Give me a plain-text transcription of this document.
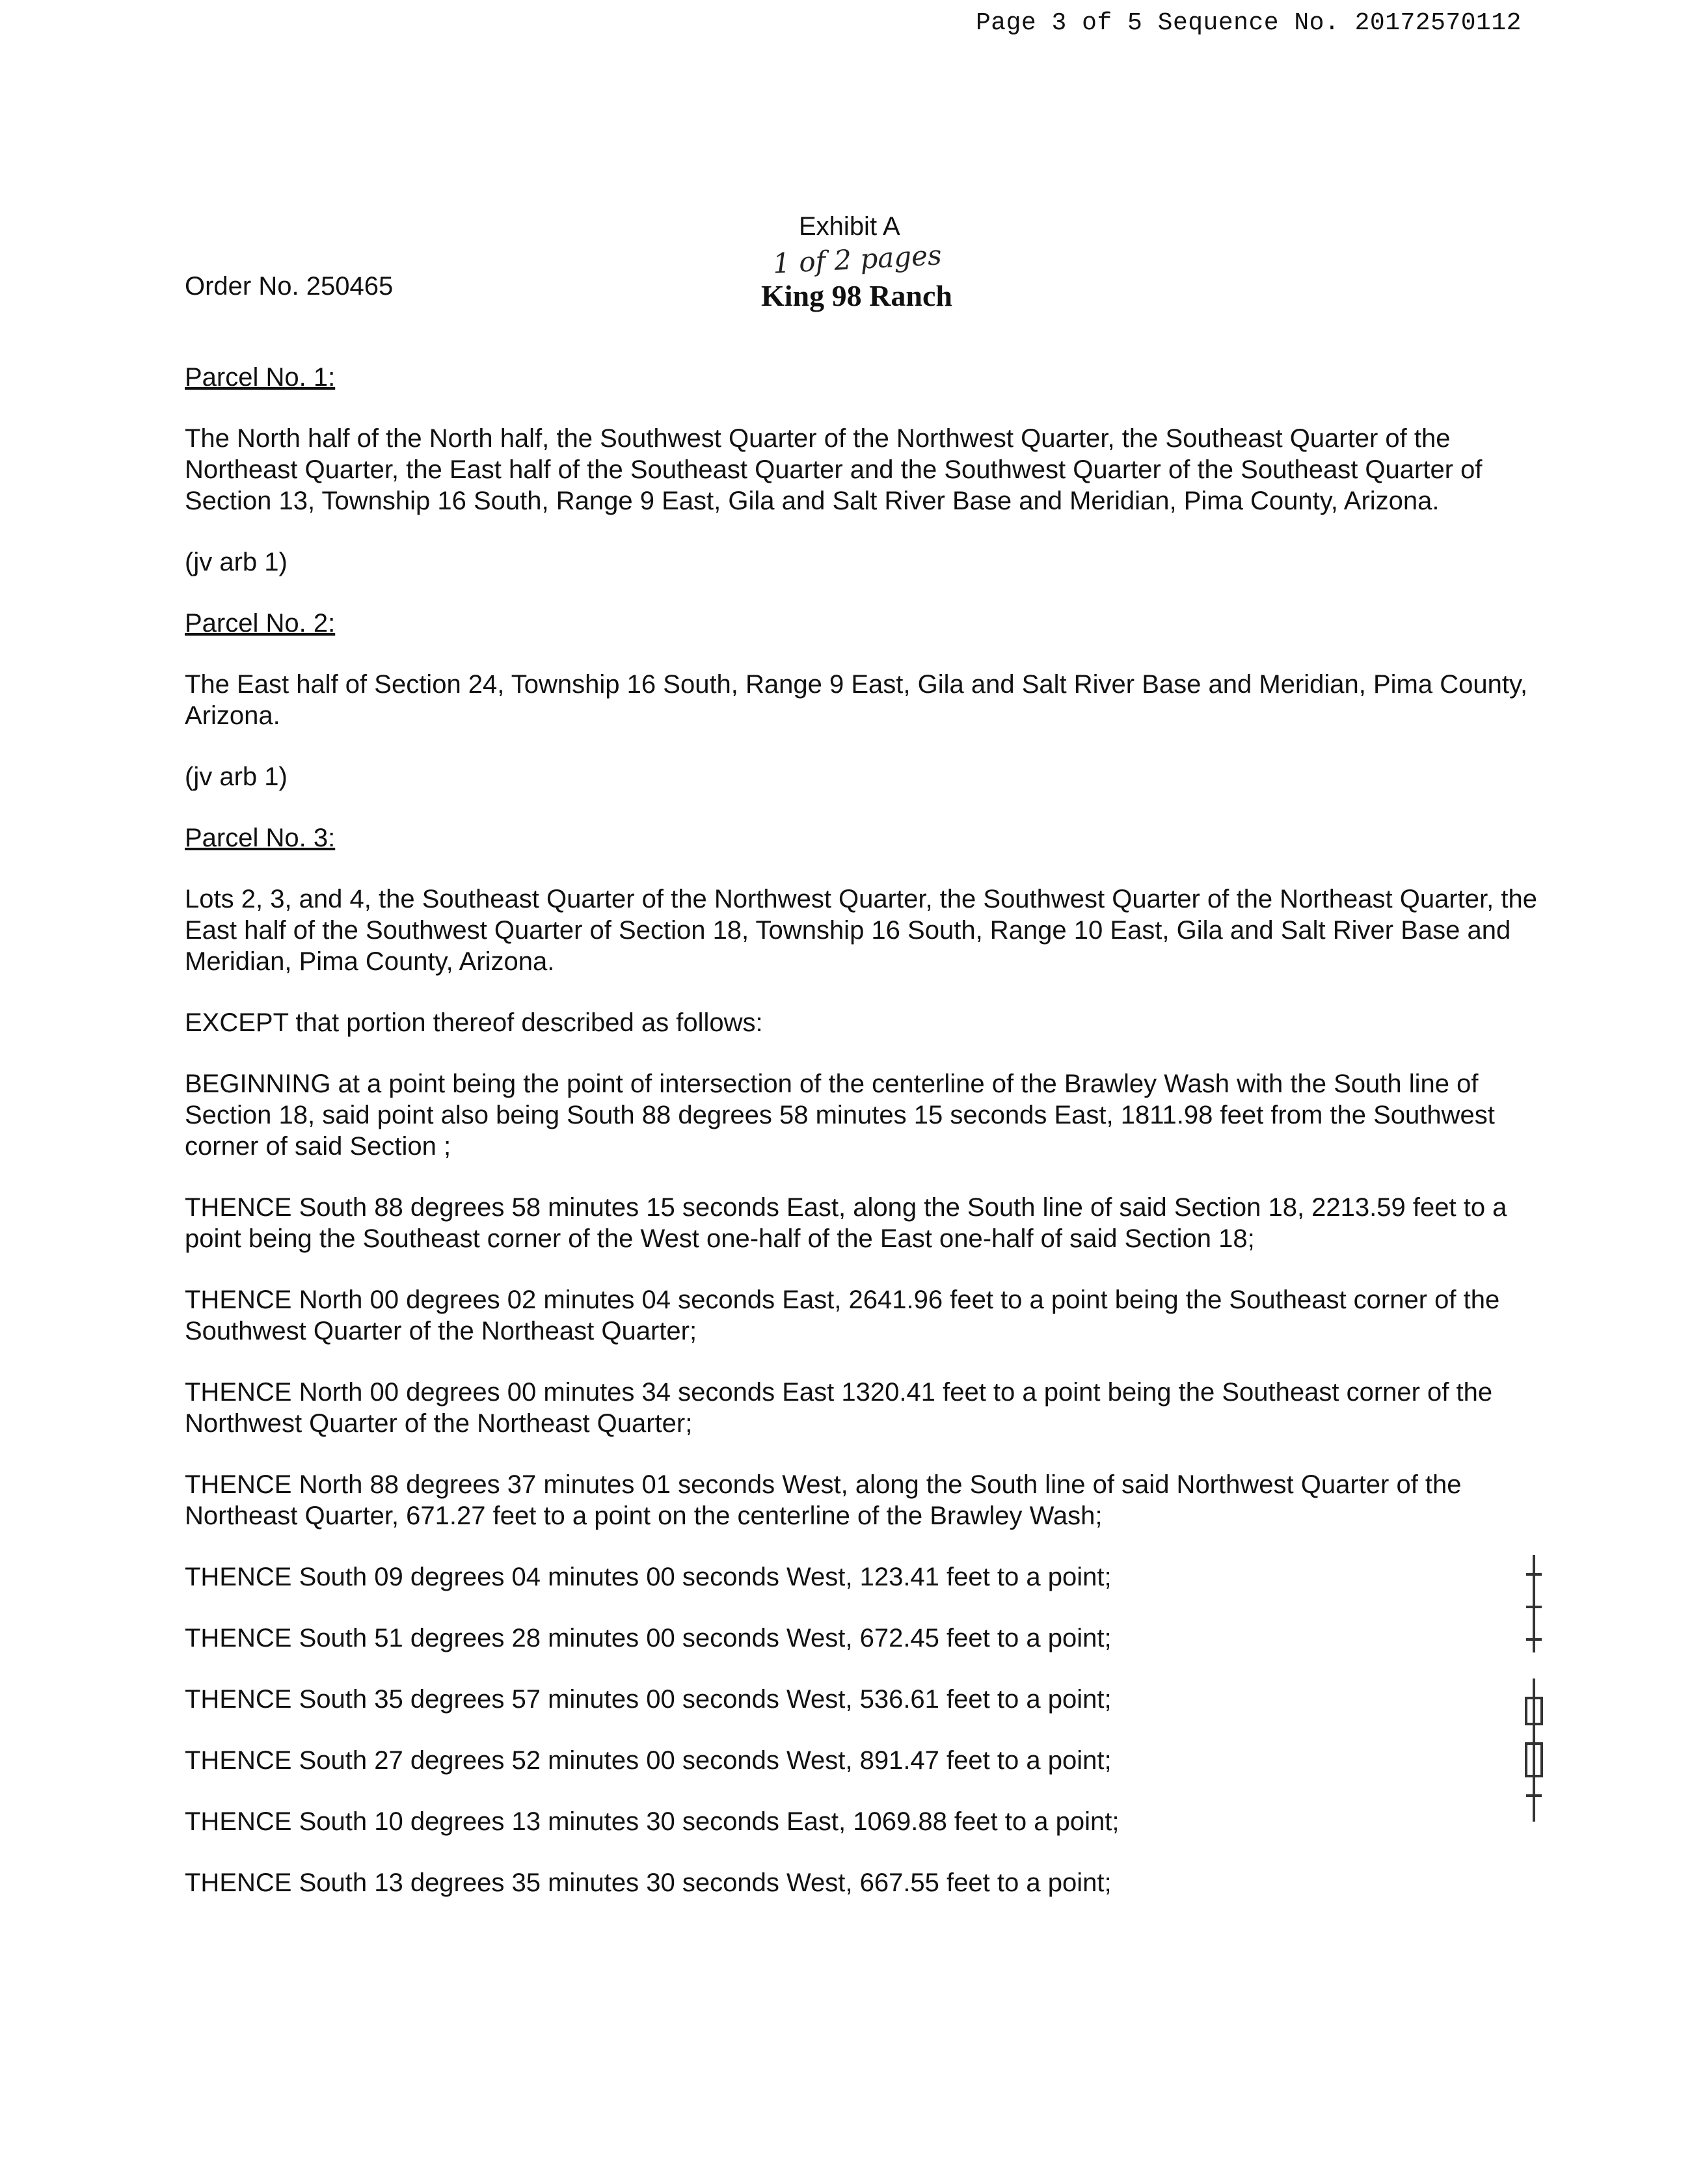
Page 3 of 5 Sequence No. 20172570112
Exhibit A
1 of 2 pages
King 98 Ranch
Order No. 250465

Parcel No. 1:

The North half of the North half, the Southwest Quarter of the Northwest Quarter, the Southeast Quarter of the Northeast Quarter, the East half of the Southeast Quarter and the Southwest Quarter of the Southeast Quarter of Section 13, Township 16 South, Range 9 East, Gila and Salt River Base and Meridian, Pima County, Arizona.

(jv arb 1)

Parcel No. 2:

The East half of Section 24, Township 16 South, Range 9 East, Gila and Salt River Base and Meridian, Pima County, Arizona.

(jv arb 1)

Parcel No. 3:

Lots 2, 3, and 4, the Southeast Quarter of the Northwest Quarter, the Southwest Quarter of the Northeast Quarter, the East half of the Southwest Quarter of Section 18, Township 16 South, Range 10 East, Gila and Salt River Base and Meridian, Pima County, Arizona.

EXCEPT that portion thereof described as follows:

BEGINNING at a point being the point of intersection of the centerline of the Brawley Wash with the South line of Section 18, said point also being South 88 degrees 58 minutes 15 seconds East, 1811.98 feet from the Southwest corner of said Section ;

THENCE South 88 degrees 58 minutes 15 seconds East, along the South line of said Section 18, 2213.59 feet to a point being the Southeast corner of the West one-half of the East one-half of said Section 18;

THENCE North 00 degrees 02 minutes 04 seconds East, 2641.96 feet to a point being the Southeast corner of the Southwest Quarter of the Northeast Quarter;

THENCE North 00 degrees 00 minutes 34 seconds East 1320.41 feet to a point being the Southeast corner of the Northwest Quarter of the Northeast Quarter;

THENCE North 88 degrees 37 minutes 01 seconds West, along the South line of said Northwest Quarter of the Northeast Quarter, 671.27 feet to a point on the centerline of the Brawley Wash;

THENCE South 09 degrees 04 minutes 00 seconds West, 123.41 feet to a point;

THENCE South 51 degrees 28 minutes 00 seconds West, 672.45 feet to a point;

THENCE South 35 degrees 57 minutes 00 seconds West, 536.61 feet to a point;

THENCE South 27 degrees 52 minutes 00 seconds West, 891.47 feet to a point;

THENCE South 10 degrees 13 minutes 30 seconds East, 1069.88 feet to a point;

THENCE South 13 degrees 35 minutes 30 seconds West, 667.55 feet to a point;
